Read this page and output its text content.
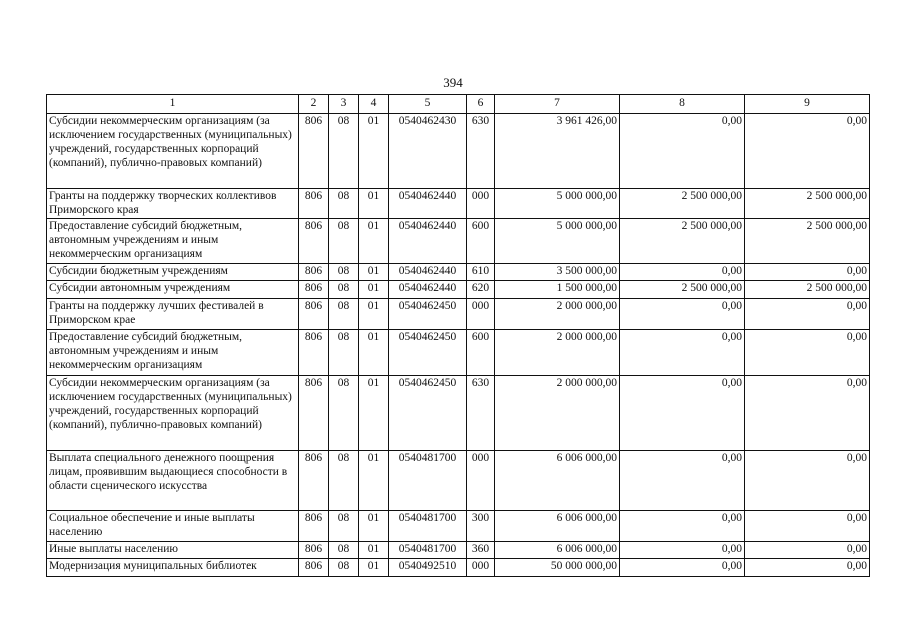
394
1	2	3	4	5	6	7	8	9
Субсидии некоммерческим организациям (за исключением государственных (муниципальных) учреждений, государственных корпораций (компаний), публично-правовых компаний)	806	08	01	0540462430	630	3 961 426,00	0,00	0,00
Гранты на поддержку творческих коллективов Приморского края	806	08	01	0540462440	000	5 000 000,00	2 500 000,00	2 500 000,00
Предоставление субсидий бюджетным, автономным учреждениям и иным некоммерческим организациям	806	08	01	0540462440	600	5 000 000,00	2 500 000,00	2 500 000,00
Субсидии бюджетным учреждениям	806	08	01	0540462440	610	3 500 000,00	0,00	0,00
Субсидии автономным учреждениям	806	08	01	0540462440	620	1 500 000,00	2 500 000,00	2 500 000,00
Гранты на поддержку лучших фестивалей в Приморском крае	806	08	01	0540462450	000	2 000 000,00	0,00	0,00
Предоставление субсидий бюджетным, автономным учреждениям и иным некоммерческим организациям	806	08	01	0540462450	600	2 000 000,00	0,00	0,00
Субсидии некоммерческим организациям (за исключением государственных (муниципальных) учреждений, государственных корпораций (компаний), публично-правовых компаний)	806	08	01	0540462450	630	2 000 000,00	0,00	0,00
Выплата специального денежного поощрения лицам, проявившим выдающиеся способности в области сценического искусства	806	08	01	0540481700	000	6 006 000,00	0,00	0,00
Социальное обеспечение и иные выплаты населению	806	08	01	0540481700	300	6 006 000,00	0,00	0,00
Иные выплаты населению	806	08	01	0540481700	360	6 006 000,00	0,00	0,00
Модернизация муниципальных библиотек	806	08	01	0540492510	000	50 000 000,00	0,00	0,00
